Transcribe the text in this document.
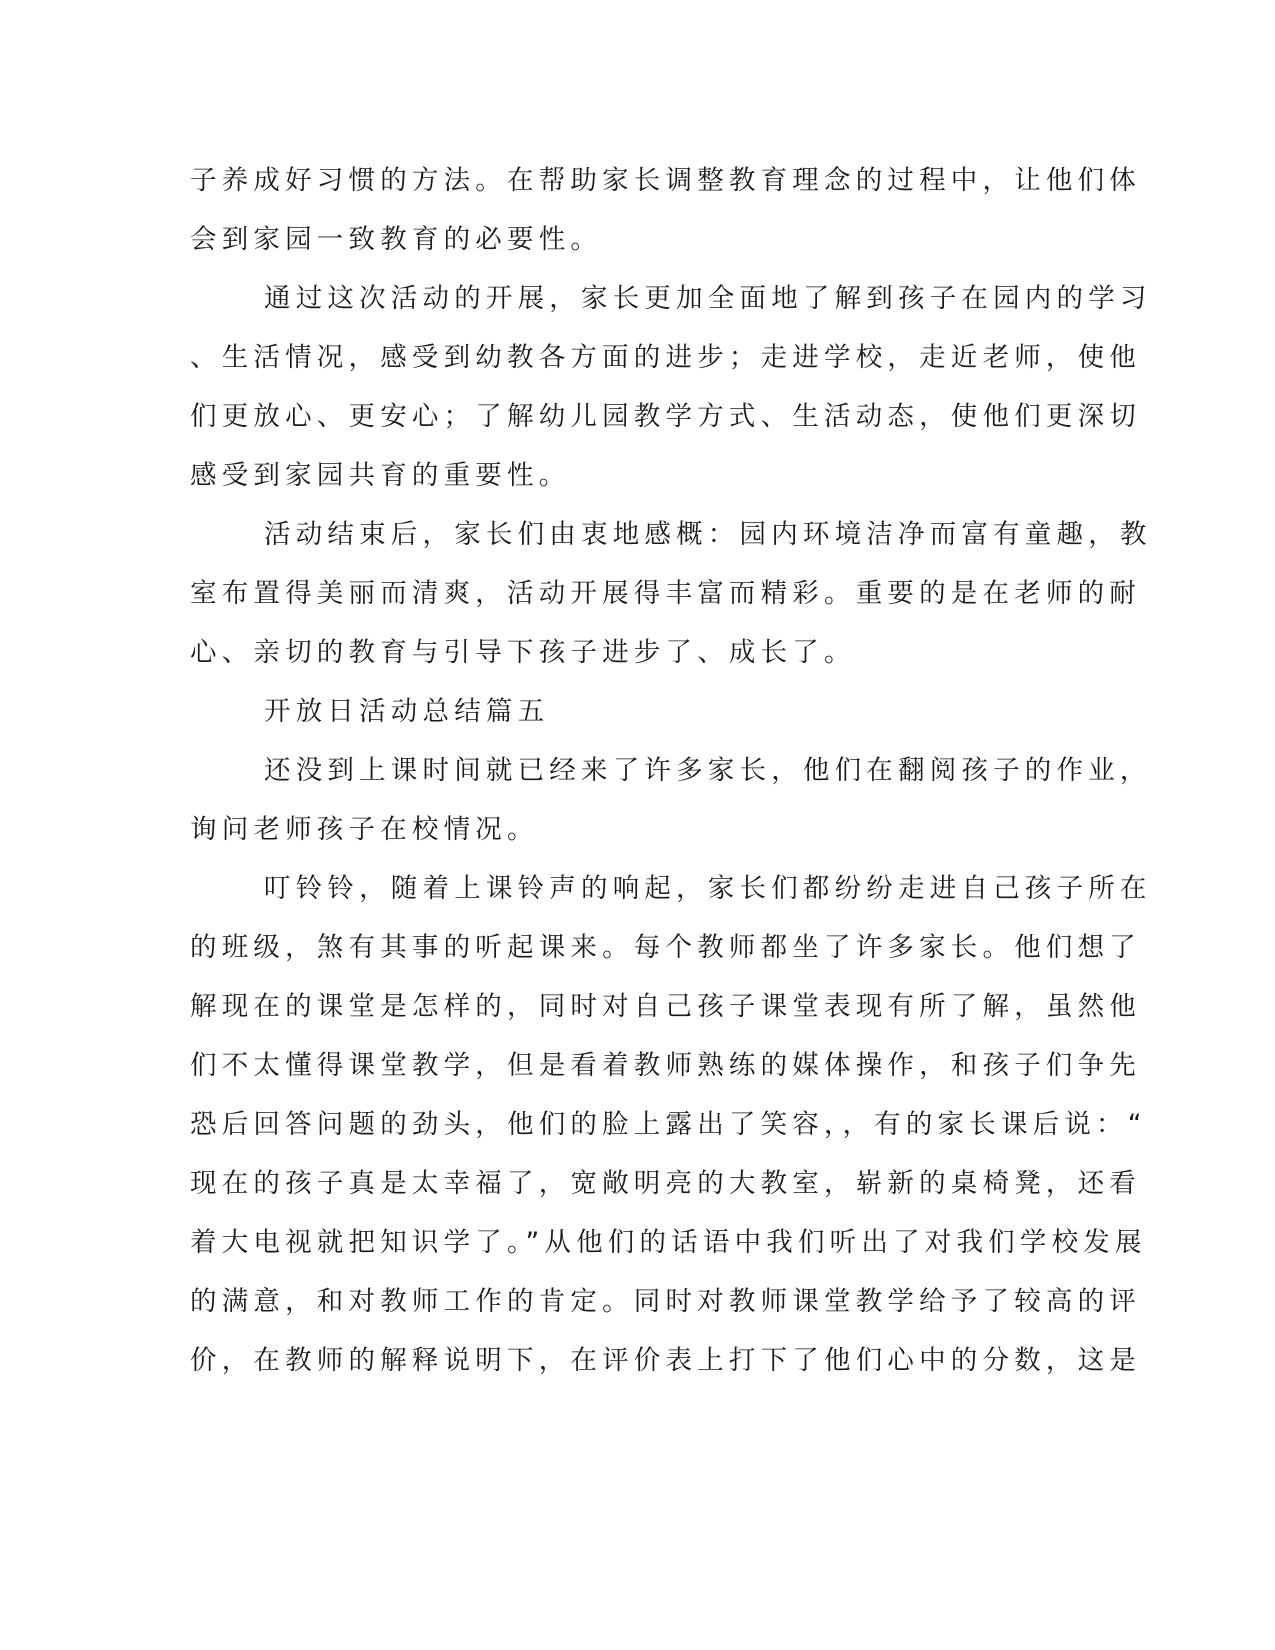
子养成好习惯的方法。在帮助家长调整教育理念的过程中，让他们体
会到家园一致教育的必要性。
通过这次活动的开展，家长更加全面地了解到孩子在园内的学习
、生活情况，感受到幼教各方面的进步；走进学校，走近老师，使他
们更放心、更安心；了解幼儿园教学方式、生活动态，使他们更深切
感受到家园共育的重要性。
活动结束后，家长们由衷地感概：园内环境洁净而富有童趣，教
室布置得美丽而清爽，活动开展得丰富而精彩。重要的是在老师的耐
心、亲切的教育与引导下孩子进步了、成长了。
开放日活动总结篇五
还没到上课时间就已经来了许多家长，他们在翻阅孩子的作业，
询问老师孩子在校情况。
叮铃铃，随着上课铃声的响起，家长们都纷纷走进自己孩子所在
的班级，煞有其事的听起课来。每个教师都坐了许多家长。他们想了
解现在的课堂是怎样的，同时对自己孩子课堂表现有所了解，虽然他
们不太懂得课堂教学，但是看着教师熟练的媒体操作，和孩子们争先
恐后回答问题的劲头，他们的脸上露出了笑容，，有的家长课后说：“
现在的孩子真是太幸福了，宽敞明亮的大教室，崭新的桌椅凳，还看
着大电视就把知识学了。”从他们的话语中我们听出了对我们学校发展
的满意，和对教师工作的肯定。同时对教师课堂教学给予了较高的评
价，在教师的解释说明下，在评价表上打下了他们心中的分数，这是
